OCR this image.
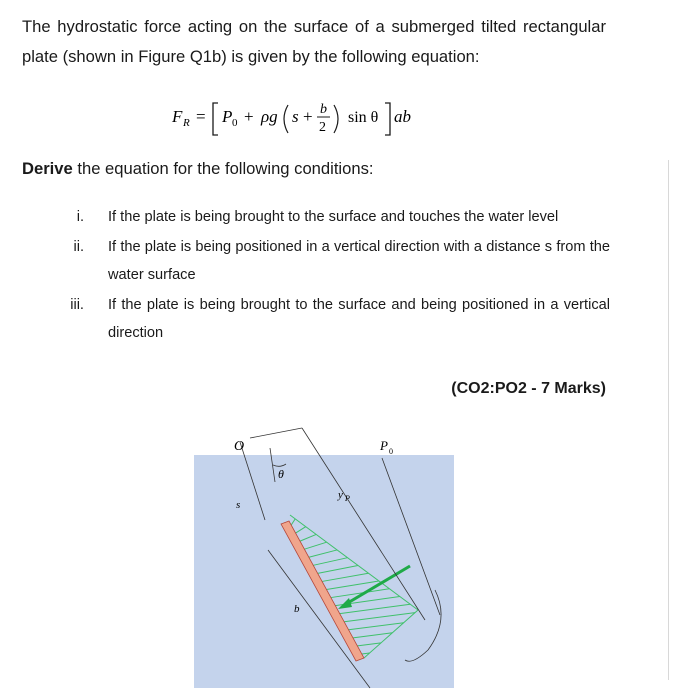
The hydrostatic force acting on the surface of a submerged tilted rectangular plate (shown in Figure Q1b) is given by the following equation:
F R = P 0 + ρg s + b
2
sin θ ab
Derive the equation for the following conditions:
i. If the plate is being brought to the surface and touches the water level
ii. If the plate is being positioned in a vertical direction with a distance s from the water surface
iii. If the plate is being brought to the surface and being positioned in a vertical direction
(CO2:PO2 - 7 Marks)
O
θ
s
y P
P 0
b
